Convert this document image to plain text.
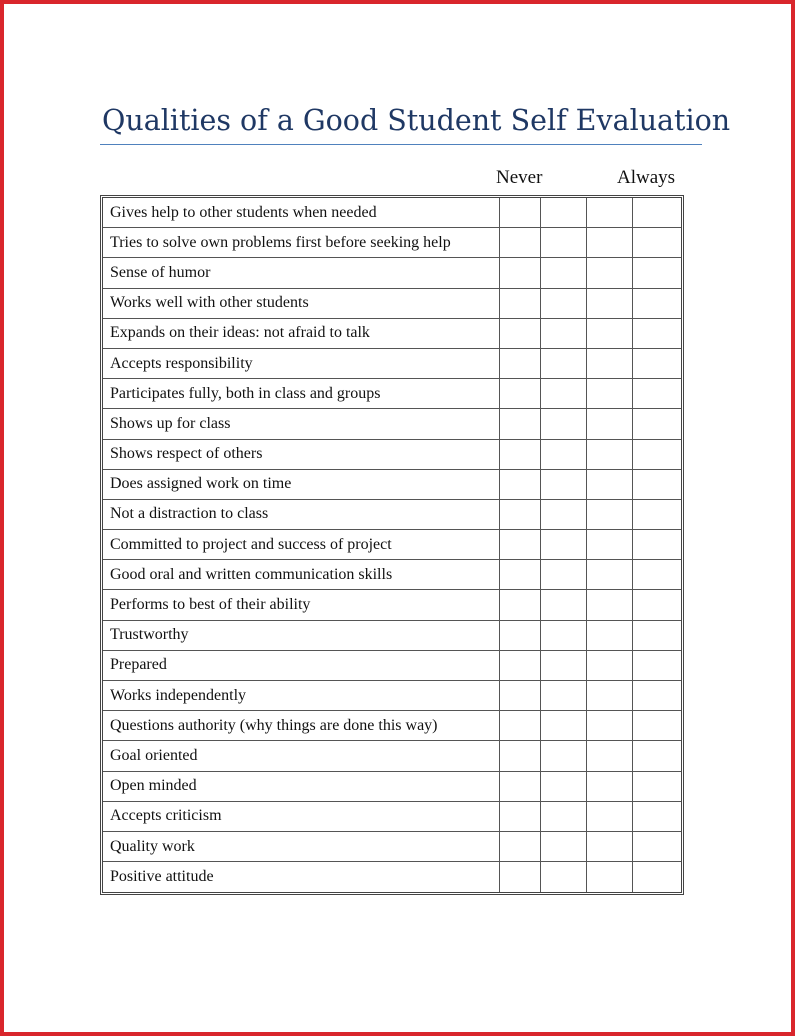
Qualities of a Good Student Self Evaluation
Never	Always
Gives help to other students when needed				
Tries to solve own problems first before seeking help				
Sense of humor				
Works well with other students				
Expands on their ideas: not afraid to talk				
Accepts responsibility				
Participates fully, both in class and groups				
Shows up for class				
Shows respect of others				
Does assigned work on time				
Not a distraction to class				
Committed to project and success of project				
Good oral and written communication skills				
Performs to best of their ability				
Trustworthy				
Prepared				
Works independently				
Questions authority (why things are done this way)				
Goal oriented				
Open minded				
Accepts criticism				
Quality work				
Positive attitude				
